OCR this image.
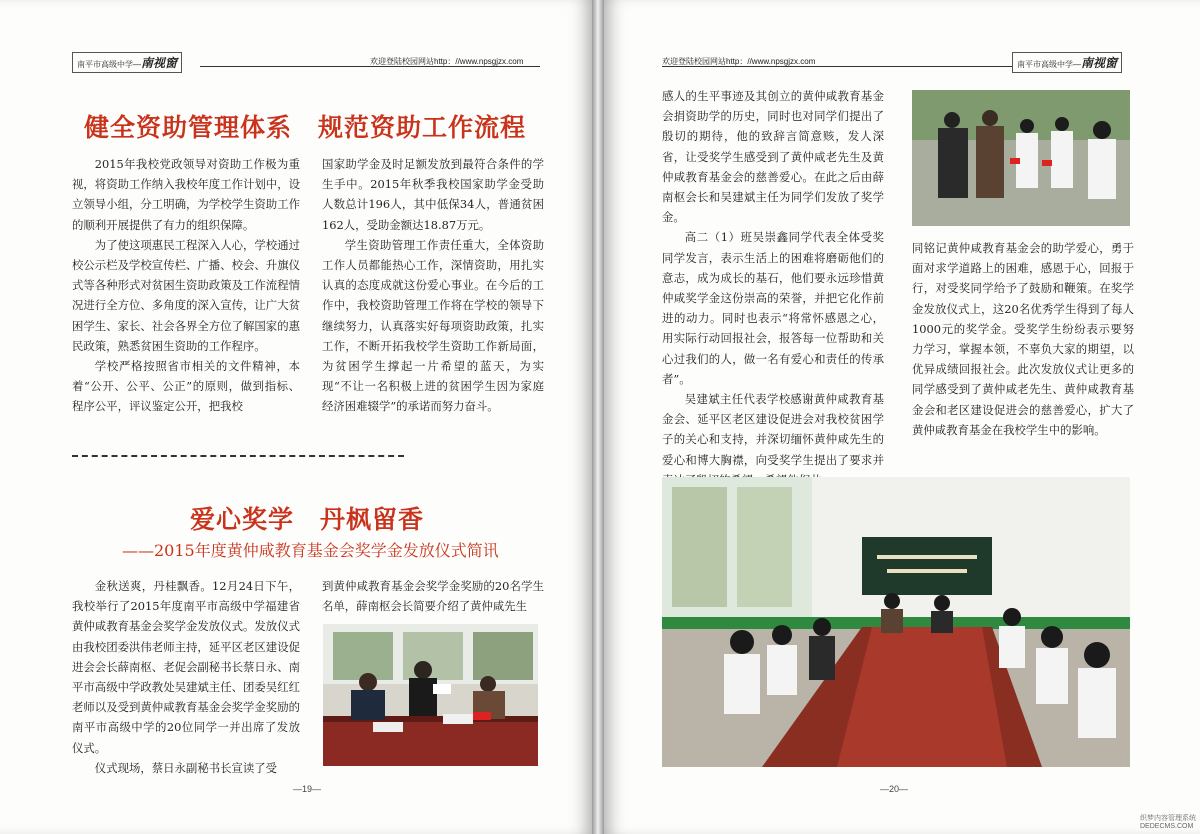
南平市高级中学—南视窗	欢迎登陆校园网站http：//www.npsgjzx.com
健全资助管理体系　规范资助工作流程

2015年我校党政领导对资助工作极为重视，将资助工作纳入我校年度工作计划中，设立领导小组，分工明确，为学校学生资助工作的顺利开展提供了有力的组织保障。

为了使这项惠民工程深入人心，学校通过校公示栏及学校宣传栏、广播、校会、升旗仪式等各种形式对贫困生资助政策及工作流程情况进行全方位、多角度的深入宣传，让广大贫困学生、家长、社会各界全方位了解国家的惠民政策，熟悉贫困生资助的工作程序。

学校严格按照省市相关的文件精神，本着“公开、公平、公正”的原则，做到指标、程序公平，评议鉴定公开，把我校

国家助学金及时足额发放到最符合条件的学生手中。2015年秋季我校国家助学金受助人数总计196人，其中低保34人，普通贫困162人，受助金额达18.87万元。

学生资助管理工作责任重大，全体资助工作人员都能热心工作，深情资助，用扎实认真的态度成就这份爱心事业。在今后的工作中，我校资助管理工作将在学校的领导下继续努力，认真落实好每项资助政策，扎实工作，不断开拓我校学生资助工作新局面，为贫困学生撑起一片希望的蓝天，为实现“不让一名积极上进的贫困学生因为家庭经济困难辍学”的承诺而努力奋斗。

爱心奖学　丹枫留香
——2015年度黄仲咸教育基金会奖学金发放仪式简讯

金秋送爽，丹桂飘香。12月24日下午，我校举行了2015年度南平市高级中学福建省黄仲咸教育基金会奖学金发放仪式。发放仪式由我校团委洪伟老师主持，延平区老区建设促进会会长薛南枢、老促会副秘书长蔡日永、南平市高级中学政教处吴建斌主任、团委吴红红老师以及受到黄仲咸教育基金会奖学金奖励的南平市高级中学的20位同学一并出席了发放仪式。

仪式现场，蔡日永副秘书长宣读了受

到黄仲咸教育基金会奖学金奖励的20名学生名单，薛南枢会长简要介绍了黄仲咸先生

—19—
欢迎登陆校园网站http：//www.npsgjzx.com	南平市高级中学—南视窗

感人的生平事迹及其创立的黄仲咸教育基金会捐资助学的历史，同时也对同学们提出了殷切的期待，他的致辞言简意赅，发人深省，让受奖学生感受到了黄仲咸老先生及黄仲咸教育基金会的慈善爱心。在此之后由薛南枢会长和吴建斌主任为同学们发放了奖学金。

高二（1）班吴崇鑫同学代表全体受奖同学发言，表示生活上的困难将磨砺他们的意志，成为成长的基石，他们要永远珍惜黄仲咸奖学金这份崇高的荣誉，并把它化作前进的动力。同时也表示“将常怀感恩之心，用实际行动回报社会，报答每一位帮助和关心过我们的人，做一名有爱心和责任的传承者”。

吴建斌主任代表学校感谢黄仲咸教育基金会、延平区老区建设促进会对我校贫困学子的关心和支持，并深切缅怀黄仲咸先生的爱心和博大胸襟，向受奖学生提出了要求并

同铭记黄仲咸教育基金会的助学爱心，勇于面对求学道路上的困难，感恩于心，回报于行，对受奖同学给予了鼓励和鞭策。在奖学金发放仪式上，这20名优秀学生得到了每人1000元的奖学金。受奖学生纷纷表示要努力学习，掌握本领，不辜负大家的期望，以优异成绩回报社会。此次发放仪式让更多的同学感受到了黄仲咸老先生、黄仲咸教育基金会和老区建设促进会的慈善爱心，扩大了黄仲咸教育基金在我校学生中的影响。

—20—
织梦内容管理系统
DEDECMS.COM
